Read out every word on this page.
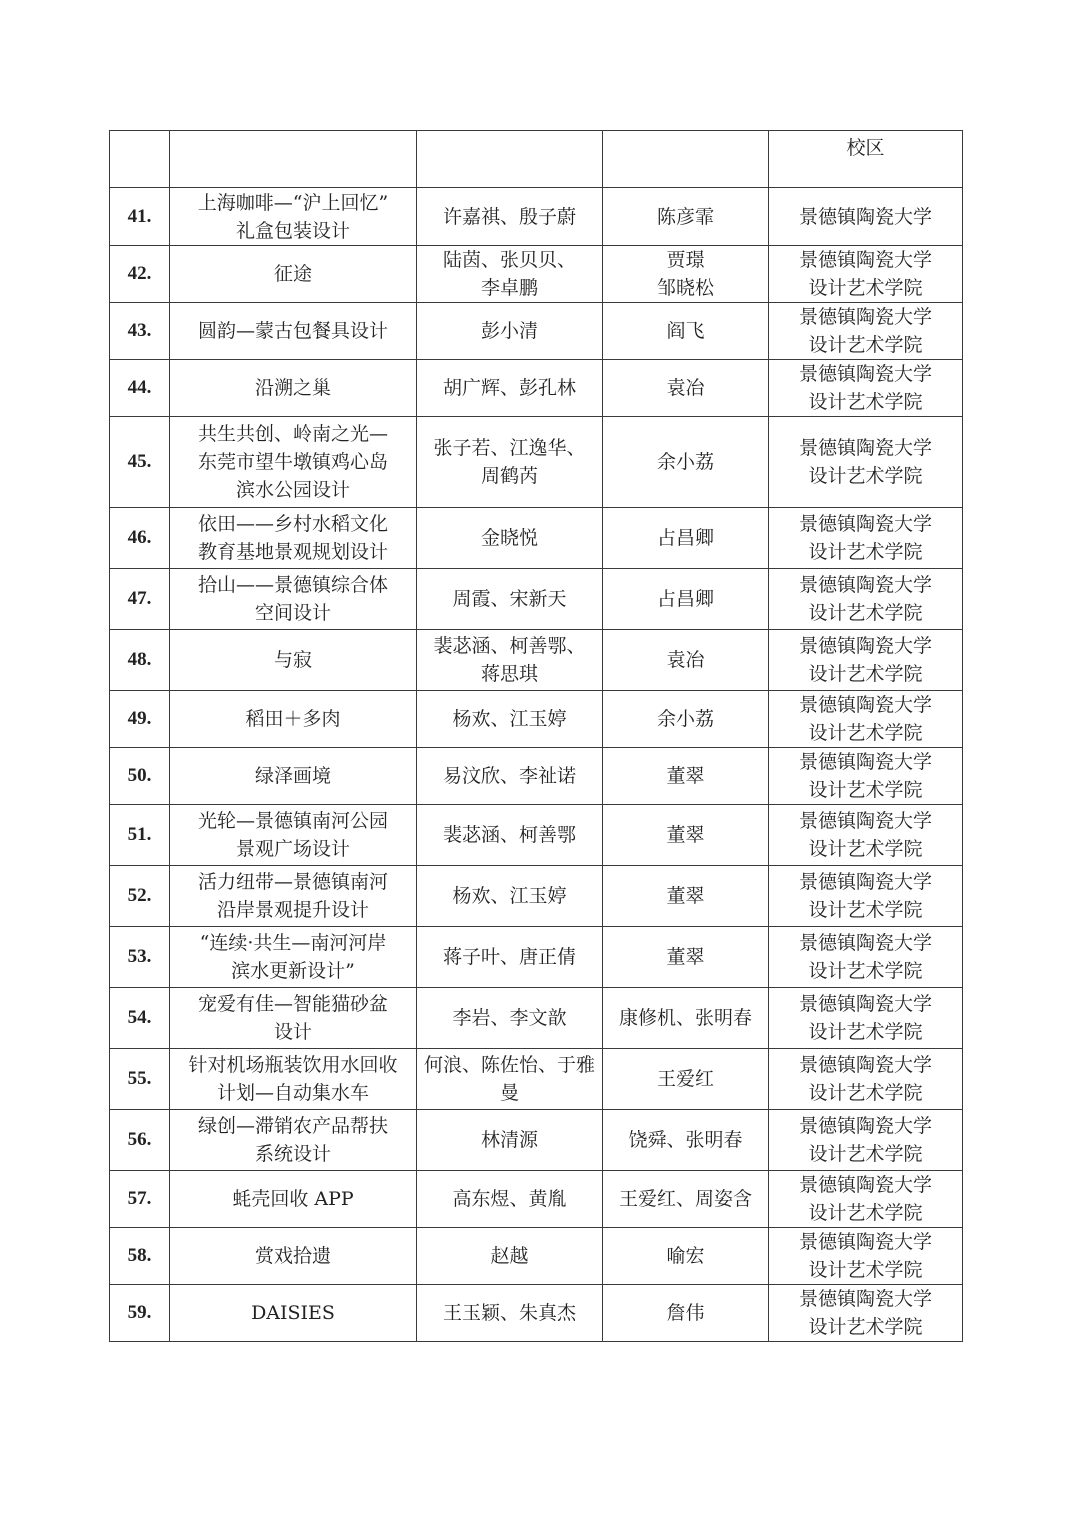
				校区
41.	上海咖啡—“沪上回忆”
礼盒包装设计	许嘉祺、殷子蔚	陈彦霏	景德镇陶瓷大学
42.	征途	陆茵、张贝贝、
李卓鹏	贾璟
邹晓松	景德镇陶瓷大学
设计艺术学院
43.	圆韵—蒙古包餐具设计	彭小清	阎飞	景德镇陶瓷大学
设计艺术学院
44.	沿溯之巢	胡广辉、彭孔林	袁冶	景德镇陶瓷大学
设计艺术学院
45.	共生共创、岭南之光—
东莞市望牛墩镇鸡心岛
滨水公园设计	张子若、江逸华、
周鹤芮	余小荔	景德镇陶瓷大学
设计艺术学院
46.	依田——乡村水稻文化
教育基地景观规划设计	金晓悦	占昌卿	景德镇陶瓷大学
设计艺术学院
47.	拾山——景德镇综合体
空间设计	周霞、宋新天	占昌卿	景德镇陶瓷大学
设计艺术学院
48.	与寂	裴苾涵、柯善鄂、
蒋思琪	袁冶	景德镇陶瓷大学
设计艺术学院
49.	稻田＋多肉	杨欢、江玉婷	余小荔	景德镇陶瓷大学
设计艺术学院
50.	绿泽画境	易汶欣、李祉诺	董翠	景德镇陶瓷大学
设计艺术学院
51.	光轮—景德镇南河公园
景观广场设计	裴苾涵、柯善鄂	董翠	景德镇陶瓷大学
设计艺术学院
52.	活力纽带—景德镇南河
沿岸景观提升设计	杨欢、江玉婷	董翠	景德镇陶瓷大学
设计艺术学院
53.	“连续·共生—南河河岸
滨水更新设计”	蒋子叶、唐正倩	董翠	景德镇陶瓷大学
设计艺术学院
54.	宠爱有佳—智能猫砂盆
设计	李岩、李文歆	康修机、张明春	景德镇陶瓷大学
设计艺术学院
55.	针对机场瓶装饮用水回收
计划—自动集水车	何浪、陈佐怡、于雅
曼	王爱红	景德镇陶瓷大学
设计艺术学院
56.	绿创—滞销农产品帮扶
系统设计	林清源	饶舜、张明春	景德镇陶瓷大学
设计艺术学院
57.	蚝壳回收 APP	高东煜、黄胤	王爱红、周姿含	景德镇陶瓷大学
设计艺术学院
58.	赏戏拾遗	赵越	喻宏	景德镇陶瓷大学
设计艺术学院
59.	DAISIES	王玉颖、朱真杰	詹伟	景德镇陶瓷大学
设计艺术学院
